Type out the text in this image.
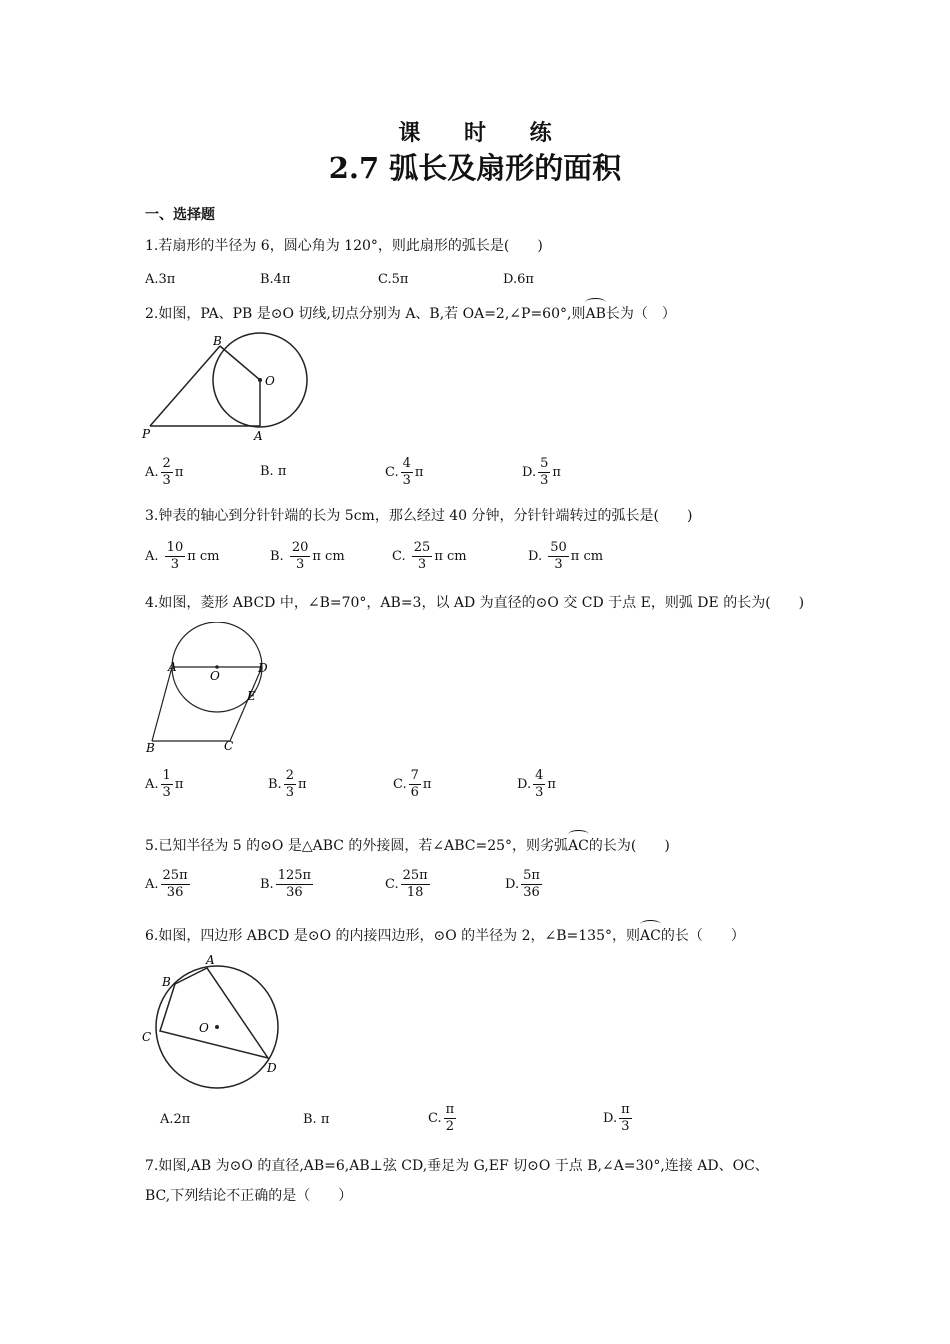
课 时 练
2.7 弧长及扇形的面积
一、选择题
1.若扇形的半径为 6，圆心角为 120°，则此扇形的弧长是(　　)
A.3π	B.4π	C.5π	D.6π
2.如图，PA、PB 是⊙O 切线,切点分别为 A、B,若 OA=2,∠P=60°,则AB长为（　）
B
O
P	A
A. $\frac{2}{3}$ π	B. π	C. $\frac{4}{3}$ π	D. $\frac{5}{3}$ π
3.钟表的轴心到分针针端的长为 5cm，那么经过 40 分钟，分针针端转过的弧长是(　　)
A. $\frac{10}{3}$ π cm	B. $\frac{20}{3}$ π cm	C. $\frac{25}{3}$ π cm	D. $\frac{50}{3}$ π cm
4.如图，菱形 ABCD 中，∠B=70°，AB=3，以 AD 为直径的⊙O 交 CD 于点 E，则弧 DE 的长为(　　)
A
O
D
E
B	C
A. $\frac{1}{3}$ π	B. $\frac{2}{3}$ π	C. $\frac{7}{6}$ π	D. $\frac{4}{3}$ π
5.已知半径为 5 的⊙O 是△ABC 的外接圆，若∠ABC=25°，则劣弧AC的长为(　　)
A. $\frac{25\pi}{36}$	B. $\frac{125\pi}{36}$	C. $\frac{25\pi}{18}$	D. $\frac{5\pi}{36}$
6.如图，四边形 ABCD 是⊙O 的内接四边形，⊙O 的半径为 2，∠B=135°，则AC的长（　　）
A
B
C
O
D
A.2π	B. π	C. $\frac{\pi}{2}$	D. $\frac{\pi}{3}$
7.如图,AB 为⊙O 的直径,AB=6,AB⊥弦 CD,垂足为 G,EF 切⊙O 于点 B,∠A=30°,连接 AD、OC、
BC,下列结论不正确的是（　　）
